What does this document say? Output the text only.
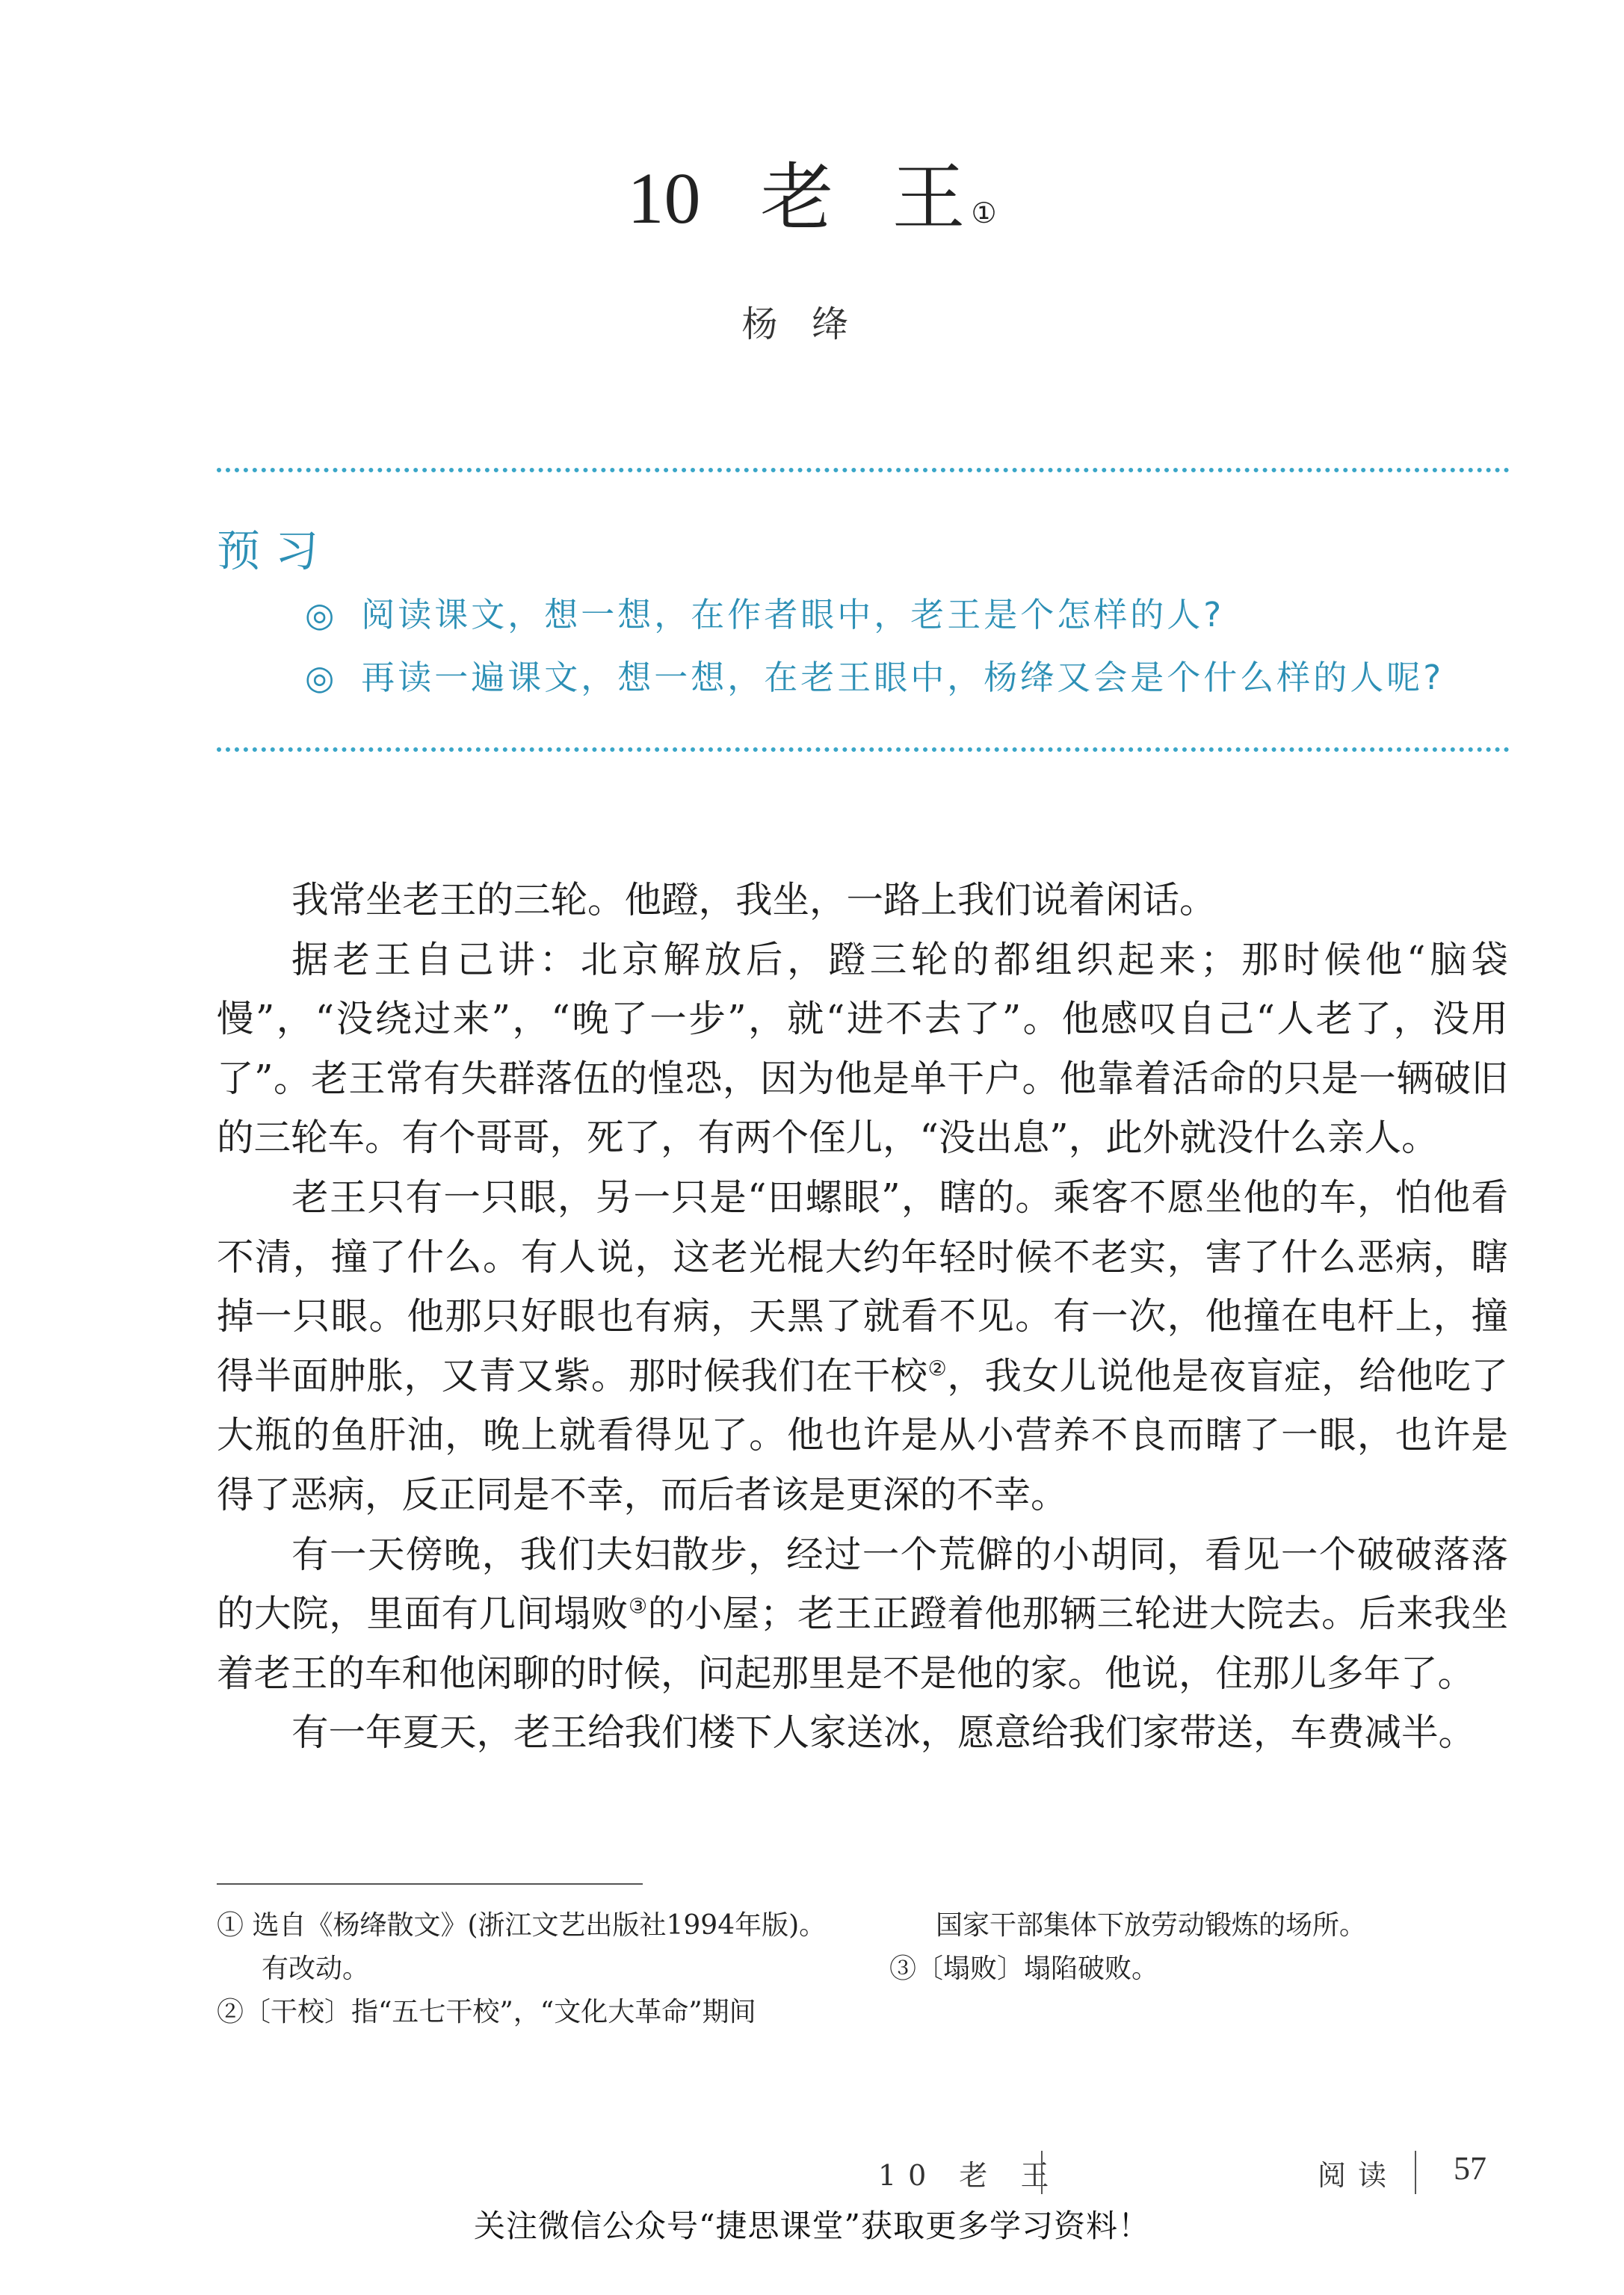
10 老 王①
杨绛
预习
◎ 阅读课文，想一想，在作者眼中，老王是个怎样的人?
◎ 再读一遍课文，想一想，在老王眼中，杨绛又会是个什么样的人呢?

我常坐老王的三轮。他蹬，我坐，一路上我们说着闲话。

据老王自己讲：北京解放后，蹬三轮的都组织起来；那时候他“脑袋慢”，“没绕过来”，“晚了一步”，就“进不去了”。他感叹自己“人老了，没用了”。老王常有失群落伍的惶恐，因为他是单干户。他靠着活命的只是一辆破旧的三轮车。有个哥哥，死了，有两个侄儿，“没出息”，此外就没什么亲人。

老王只有一只眼，另一只是“田螺眼”，瞎的。乘客不愿坐他的车，怕他看不清，撞了什么。有人说，这老光棍大约年轻时候不老实，害了什么恶病，瞎掉一只眼。他那只好眼也有病，天黑了就看不见。有一次，他撞在电杆上，撞得半面肿胀，又青又紫。那时候我们在干校②，我女儿说他是夜盲症，给他吃了大瓶的鱼肝油，晚上就看得见了。他也许是从小营养不良而瞎了一眼，也许是得了恶病，反正同是不幸，而后者该是更深的不幸。

有一天傍晚，我们夫妇散步，经过一个荒僻的小胡同，看见一个破破落落的大院，里面有几间塌败③的小屋；老王正蹬着他那辆三轮进大院去。后来我坐着老王的车和他闲聊的时候，问起那里是不是他的家。他说，住那儿多年了。

有一年夏天，老王给我们楼下人家送冰，愿意给我们家带送，车费减半。

① 选自《杨绛散文》(浙江文艺出版社1994年版)。
有改动。
②〔干校〕指“五七干校”，“文化大革命”期间
国家干部集体下放劳动锻炼的场所。
③〔塌败〕塌陷破败。
10 老 王	阅读 57
关注微信公众号“捷思课堂”获取更多学习资料！
